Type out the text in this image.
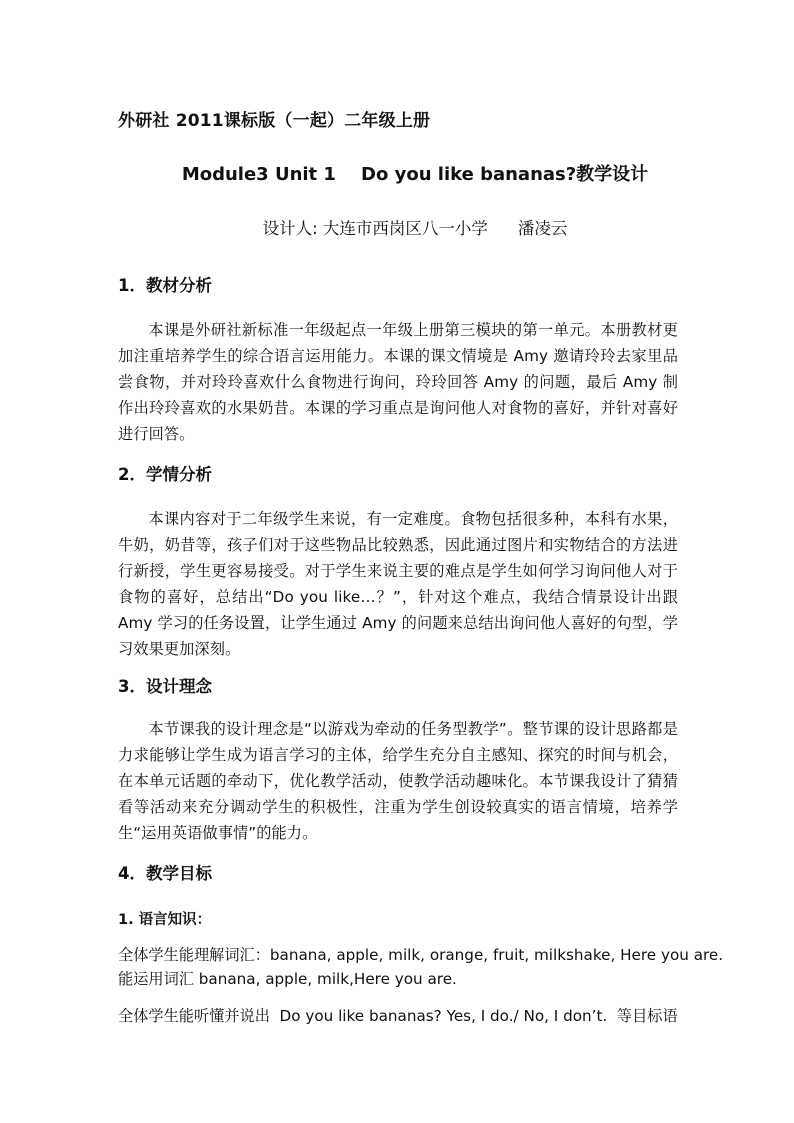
外研社 2011课标版（一起）二年级上册
Module3 Unit 1    Do you like bananas?教学设计
设计人: 大连市西岗区八一小学 潘凌云
1．教材分析
本课是外研社新标准一年级起点一年级上册第三模块的第一单元。本册教材更加注重培养学生的综合语言运用能力。本课的课文情境是 Amy 邀请玲玲去家里品尝食物，并对玲玲喜欢什么食物进行询问，玲玲回答 Amy 的问题，最后 Amy 制作出玲玲喜欢的水果奶昔。本课的学习重点是询问他人对食物的喜好，并针对喜好进行回答。
2．学情分析
本课内容对于二年级学生来说，有一定难度。食物包括很多种，本科有水果，牛奶，奶昔等，孩子们对于这些物品比较熟悉，因此通过图片和实物结合的方法进行新授，学生更容易接受。对于学生来说主要的难点是学生如何学习询问他人对于食物的喜好，总结出“Do you like…？”，针对这个难点，我结合情景设计出跟 Amy 学习的任务设置，让学生通过 Amy 的问题来总结出询问他人喜好的句型，学习效果更加深刻。
3．设计理念
本节课我的设计理念是“以游戏为牵动的任务型教学”。整节课的设计思路都是力求能够让学生成为语言学习的主体，给学生充分自主感知、探究的时间与机会，在本单元话题的牵动下，优化教学活动，使教学活动趣味化。本节课我设计了猜猜看等活动来充分调动学生的积极性，注重为学生创设较真实的语言情境，培养学生“运用英语做事情”的能力。
4．教学目标
1. 语言知识：
全体学生能理解词汇：banana, apple, milk, orange, fruit, milkshake, Here you are.
能运用词汇 banana, apple, milk,Here you are.
全体学生能听懂并说出  Do you like bananas? Yes, I do./ No, I don’t.  等目标语
